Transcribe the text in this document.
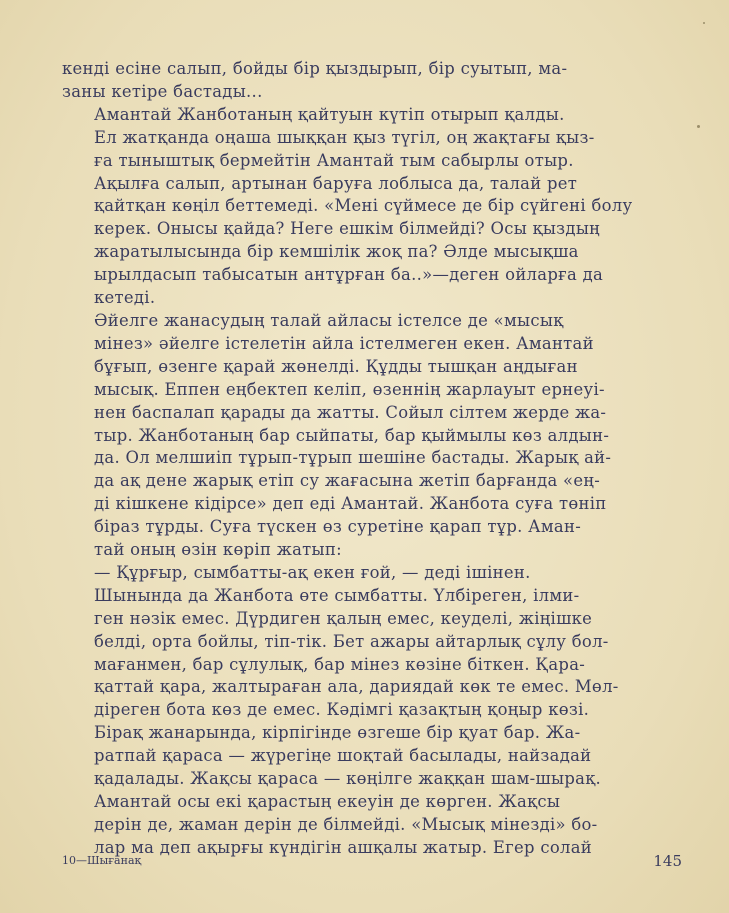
кенді есіне салып, бойды бір қыздырып, бір суытып, ма-
заны кетіре бастады...

Амантай Жанботаның қайтуын күтіп отырып қалды.
Ел жатқанда оңаша шыққан қыз түгіл, оң жақтағы қыз-
ға тыныштық бермейтін Амантай тым сабырлы отыр.
Ақылға салып, артынан баруға лоблыса да, талай рет
қайтқан көңіл беттемеді. «Мені сүймесе де бір сүйгені болу
керек. Онысы қайда? Неге ешкім білмейді? Осы қыздың
жаратылысында бір кемшілік жоқ па? Әлде мысықша
ырылдасып табысатын антұрған ба..»—деген ойларға да
кетеді.

Әйелге жанасудың талай айласы істелсе де «мысық
мінез» әйелге істелетін айла істелмеген екен. Амантай
бұғып, өзенге қарай жөнелді. Құдды тышқан аңдыған
мысық. Еппен еңбектеп келіп, өзеннің жарлауыт ернеуі-
нен баспалап қарады да жатты. Сойыл сілтем жерде жа-
тыр. Жанботаның бар сыйпаты, бар қыймылы көз алдын-
да. Ол мелшиіп тұрып-тұрып шешіне бастады. Жарық ай-
да ақ дене жарық етіп су жағасына жетіп барғанда «ең-
ді кішкене кідірсе» деп еді Амантай. Жанбота суға төніп
біраз тұрды. Суға түскен өз суретіне қарап тұр. Аман-
тай оның өзін көріп жатып:

— Құрғыр, сымбатты-ақ екен ғой, — деді ішінен.

Шынында да Жанбота өте сымбатты. Үлбіреген, ілми-
ген нәзік емес. Дүрдиген қалың емес, кеуделі, жіңішке
белді, орта бойлы, тіп-тік. Бет ажары айтарлық сұлу бол-
мағанмен, бар сұлулық, бар мінез көзіне біткен. Қара-
қаттай қара, жалтыраған ала, дариядай көк те емес. Мөл-
діреген бота көз де емес. Кәдімгі қазақтың қоңыр көзі.
Бірақ жанарында, кірпігінде өзгеше бір қуат бар. Жа-
ратпай қараса — жүрегіңе шоқтай басылады, найзадай
қадалады. Жақсы қараса — көңілге жаққан шам-шырақ.

Амантай осы екі қарастың екеуін де көрген. Жақсы
дерін де, жаман дерін де білмейді. «Мысық мінезді» бо-
лар ма деп ақырғы күндігін ашқалы жатыр. Егер солай

10—Шығанақ	145
